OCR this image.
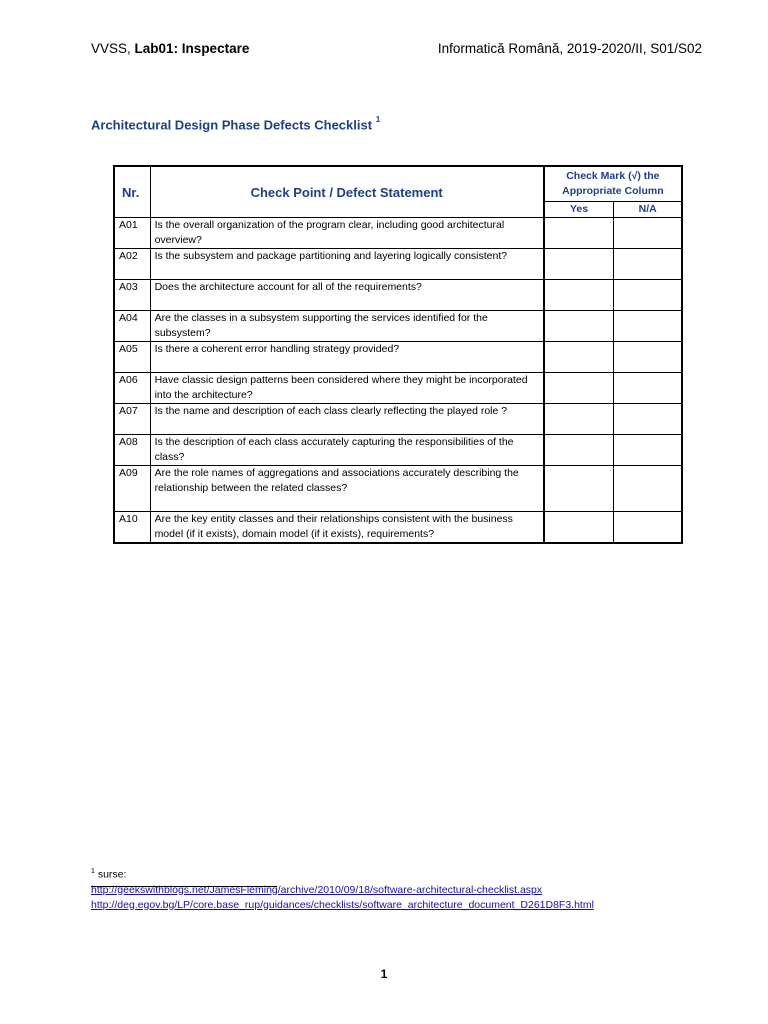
VVSS, Lab01: Inspectare	Informatică Română, 2019-2020/II, S01/S02
Architectural Design Phase Defects Checklist $^1$
Nr.	Check Point / Defect Statement	Check Mark (√) the Appropriate Column	
		Yes	N/A
A01	Is the overall organization of the program clear, including good architectural overview?		
A02	Is the subsystem and package partitioning and layering logically consistent?		
A03	Does the architecture account for all of the requirements?		
A04	Are the classes in a subsystem supporting the services identified for the subsystem?		
A05	Is there a coherent error handling strategy provided?		
A06	Have classic design patterns been considered where they might be incorporated into the architecture?		
A07	Is the name and description of each class clearly reflecting the played role ?		
A08	Is the description of each class accurately capturing the responsibilities of the class?		
A09	Are the role names of aggregations and associations accurately describing the relationship between the related classes?		
A10	Are the key entity classes and their relationships consistent with the business model (if it exists), domain model (if it exists), requirements?		
$^1$ surse:
http://geekswithblogs.net/JamesFleming/archive/2010/09/18/software-architectural-checklist.aspx
http://deg.egov.bg/LP/core.base_rup/guidances/checklists/software_architecture_document_D261D8F3.html
1
